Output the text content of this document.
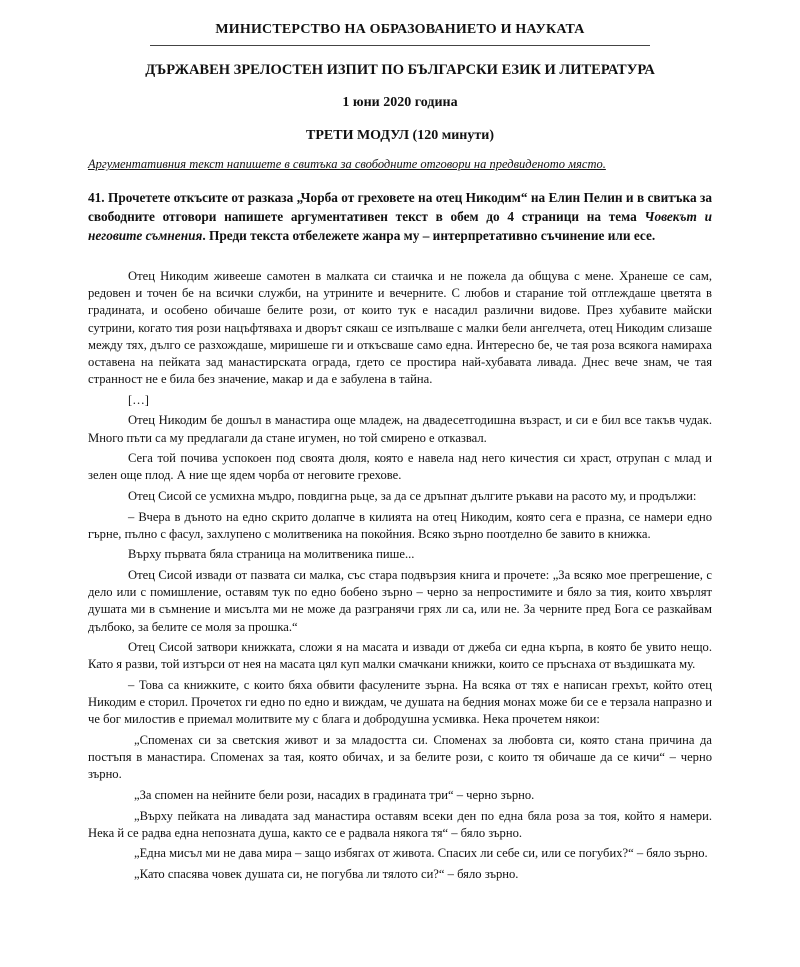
МИНИСТЕРСТВО НА ОБРАЗОВАНИЕТО И НАУКАТА
ДЪРЖАВЕН ЗРЕЛОСТЕН ИЗПИТ ПО БЪЛГАРСКИ ЕЗИК И ЛИТЕРАТУРА
1 юни 2020 година
ТРЕТИ МОДУЛ (120 минути)
Аргументативния текст напишете в свитъка за свободните отговори на предвиденото място.
41. Прочетете откъсите от разказа „Чорба от греховете на отец Никодим“ на Елин Пелин и в свитъка за свободните отговори напишете аргументативен текст в обем до 4 страници на тема Човекът и неговите съмнения. Преди текста отбележете жанра му – интерпретативно съчинение или есе.

Отец Никодим живееше самотен в малката си стаичка и не пожела да общува с мене. Хранеше се сам, редовен и точен бе на всички служби, на утрините и вечерните. С любов и старание той отглеждаше цветята в градината, и особено обичаше белите рози, от които тук е насадил различни видове. През хубавите майски сутрини, когато тия рози нацъфтяваха и дворът сякаш се изпълваше с малки бели ангелчета, отец Никодим слизаше между тях, дълго се разхождаше, миришеше ги и откъсваше само една. Интересно бе, че тая роза всякога намираха оставена на пейката зад манастирската ограда, гдето се простира най-хубавата ливада. Днес вече знам, че тая странност не е била без значение, макар и да е забулена в тайна.

[…]

Отец Никодим бе дошъл в манастира още младеж, на двадесетгодишна възраст, и си е бил все такъв чудак. Много пъти са му предлагали да стане игумен, но той смирено е отказвал.

Сега той почива успокоен под своята дюля, която е навела над него кичестия си храст, отрупан с млад и зелен още плод. А ние ще ядем чорба от неговите грехове.

Отец Сисой се усмихна мъдро, повдигна рьце, за да се дръпнат дългите ръкави на расото му, и продължи:

– Вчера в дъното на едно скрито долапче в килията на отец Никодим, която сега е празна, се намери едно гърне, пълно с фасул, захлупено с молитвеника на покойния. Всяко зърно поотделно бе завито в книжка.

Върху първата бяла страница на молитвеника пише...

Отец Сисой извади от пазвата си малка, със стара подвързия книга и прочете: „За всяко мое прегрешение, с дело или с помишление, оставям тук по едно бобено зърно – черно за непростимите и бяло за тия, които хвърлят душата ми в съмнение и мисълта ми не може да разгранячи грях ли са, или не. За черните пред Бога се разкайвам дълбоко, за белите се моля за прошка.“

Отец Сисой затвори книжката, сложи я на масата и извади от джеба си една кърпа, в която бе увито нещо. Като я разви, той изтърси от нея на масата цял куп малки смачкани книжки, които се пръснаха от въздишката му.

– Това са книжките, с които бяха обвити фасулените зърна. На всяка от тях е написан грехът, който отец Никодим е сторил. Прочетох ги едно по едно и виждам, че душата на бедния монах може би се е терзала напразно и че бог милостив е приемал молитвите му с блага и добродушна усмивка. Нека прочетем някои:

„Споменах си за светския живот и за младостта си. Споменах за любовта си, която стана причина да постъпя в манастира. Споменах за тая, която обичах, и за белите рози, с които тя обичаше да се кичи“ – черно зърно.

„За спомен на нейните бели рози, насадих в градината три“ – черно зърно.

„Върху пейката на ливадата зад манастира оставям всеки ден по една бяла роза за тоя, който я намери. Нека й се радва една непозната душа, както се е радвала някога тя“ – бяло зърно.

„Една мисъл ми не дава мира – защо избягах от живота. Спасих ли себе си, или се погубих?“ – бяло зърно.

„Като спасява човек душата си, не погубва ли тялото си?“ – бяло зърно.
